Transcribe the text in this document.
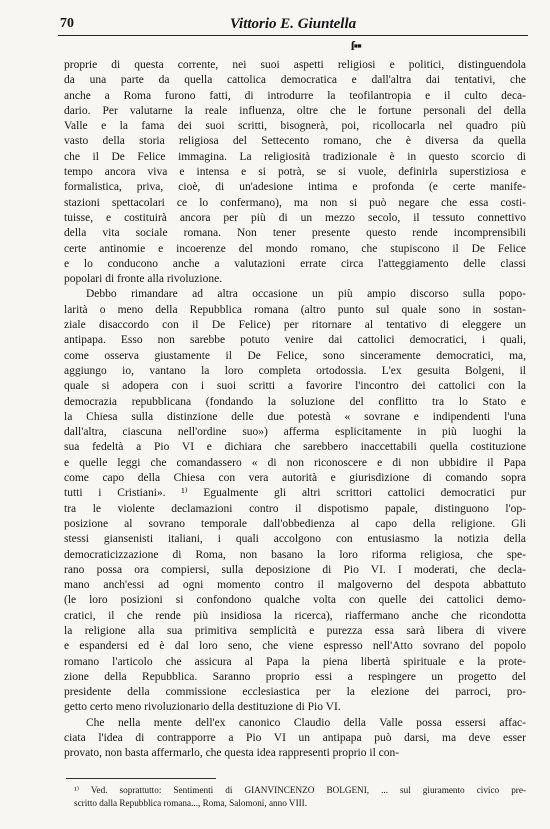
70	Vittorio E. Giuntella
ſ▪▪
proprie di questa corrente, nei suoi aspetti religiosi e politici, distinguendola
da una parte da quella cattolica democratica e dall'altra dai tentativi, che
anche a Roma furono fatti, di introdurre la teofilantropia e il culto deca-
dario. Per valutarne la reale influenza, oltre che le fortune personali del della
Valle e la fama dei suoi scritti, bisognerà, poi, ricollocarla nel quadro più
vasto della storia religiosa del Settecento romano, che è diversa da quella
che il De Felice immagina. La religiosità tradizionale è in questo scorcio di
tempo ancora viva e intensa e si potrà, se si vuole, definirla superstiziosa e
formalistica, priva, cioè, di un'adesione intima e profonda (e certe manife-
stazioni spettacolari ce lo confermano), ma non si può negare che essa costi-
tuisse, e costituirà ancora per più di un mezzo secolo, il tessuto connettivo
della vita sociale romana. Non tener presente questo rende incomprensibili
certe antinomie e incoerenze del mondo romano, che stupiscono il De Felice
e lo conducono anche a valutazioni errate circa l'atteggiamento delle classi
popolari di fronte alla rivoluzione.
Debbo rimandare ad altra occasione un più ampio discorso sulla popo-
larità o meno della Repubblica romana (altro punto sul quale sono in sostan-
ziale disaccordo con il De Felice) per ritornare al tentativo di eleggere un
antipapa. Esso non sarebbe potuto venire dai cattolici democratici, i quali,
come osserva giustamente il De Felice, sono sinceramente democratici, ma,
aggiungo io, vantano la loro completa ortodossia. L'ex gesuita Bolgeni, il
quale si adopera con i suoi scritti a favorire l'incontro dei cattolici con la
democrazia repubblicana (fondando la soluzione del conflitto tra lo Stato e
la Chiesa sulla distinzione delle due potestà « sovrane e indipendenti l'una
dall'altra, ciascuna nell'ordine suo») afferma esplicitamente in più luoghi la
sua fedeltà a Pio VI e dichiara che sarebbero inaccettabili quella costituzione
e quelle leggi che comandassero « di non riconoscere e di non ubbidire il Papa
come capo della Chiesa con vera autorità e giurisdizione di comando sopra
tutti i Cristiani». ¹⁾ Egualmente gli altri scrittori cattolici democratici pur
tra le violente declamazioni contro il dispotismo papale, distinguono l'op-
posizione al sovrano temporale dall'obbedienza al capo della religione. Gli
stessi giansenisti italiani, i quali accolgono con entusiasmo la notizia della
democraticizzazione di Roma, non basano la loro riforma religiosa, che spe-
rano possa ora compiersi, sulla deposizione di Pio VI. I moderati, che decla-
mano anch'essi ad ogni momento contro il malgoverno del despota abbattuto
(le loro posizioni si confondono qualche volta con quelle dei cattolici demo-
cratici, il che rende più insidiosa la ricerca), riaffermano anche che ricondotta
la religione alla sua primitiva semplicità e purezza essa sarà libera di vivere
e espandersi ed è dal loro seno, che viene espresso nell'Atto sovrano del popolo
romano l'articolo che assicura al Papa la piena libertà spirituale e la prote-
zione della Repubblica. Saranno proprio essi a respingere un progetto del
presidente della commissione ecclesiastica per la elezione dei parroci, pro-
getto certo meno rivoluzionario della destituzione di Pio VI.
Che nella mente dell'ex canonico Claudio della Valle possa essersi affac-
ciata l'idea di contrapporre a Pio VI un antipapa può darsi, ma deve esser
provato, non basta affermarlo, che questa idea rappresenti proprio il con-
¹⁾ Ved. soprattutto: Sentimenti di GIANVINCENZO BOLGENI, ... sul giuramento civico pre-
scritto dalla Repubblica romana..., Roma, Salomoni, anno VIII.
